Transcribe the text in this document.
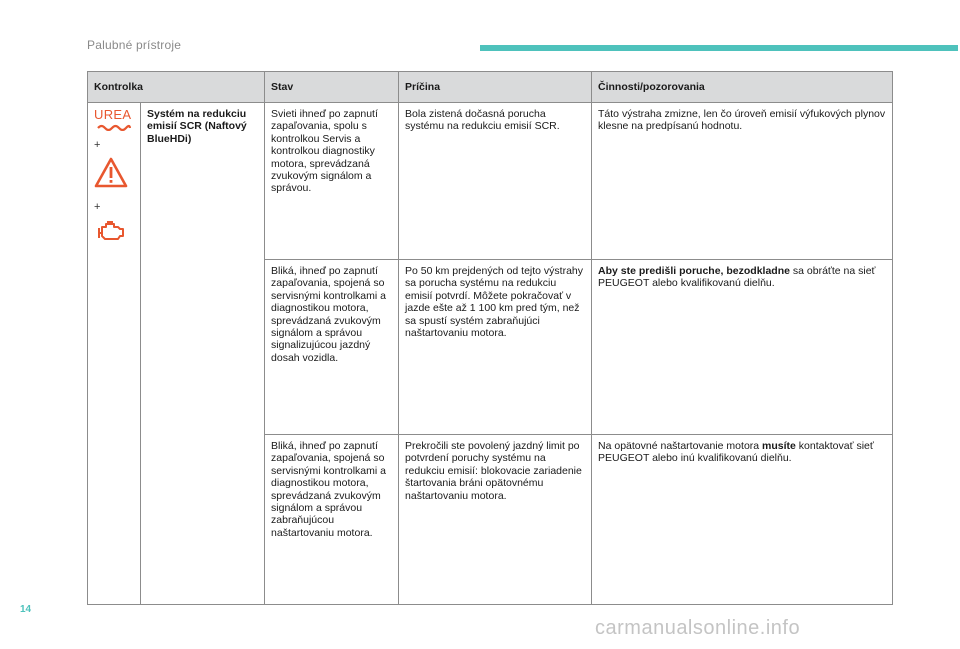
Palubné prístroje
Kontrolka		Stav	Príčina	Činnosti/pozorovania

UREA
+
+	Systém na redukciu emisií SCR (Naftový BlueHDi)	Svieti ihneď po zapnutí zapaľovania, spolu s kontrolkou Servis a kontrolkou diagnostiky motora, sprevádzaná zvukovým signálom a správou.	Bola zistená dočasná porucha systému na redukciu emisií SCR.	Táto výstraha zmizne, len čo úroveň emisií výfukových plynov klesne na predpísanú hodnotu.
		Bliká, ihneď po zapnutí zapaľovania, spojená so servisnými kontrolkami a diagnostikou motora, sprevádzaná zvukovým signálom a správou signalizujúcou jazdný dosah vozidla.	Po 50 km prejdených od tejto výstrahy sa porucha systému na redukciu emisií potvrdí. Môžete pokračovať v jazde ešte až 1 100 km pred tým, než sa spustí systém zabraňujúci naštartovaniu motora.	Aby ste predišli poruche, bezodkladne sa obráťte na sieť PEUGEOT alebo kvalifikovanú dielňu.
		Bliká, ihneď po zapnutí zapaľovania, spojená so servisnými kontrolkami a diagnostikou motora, sprevádzaná zvukovým signálom a správou zabraňujúcou naštartovaniu motora.	Prekročili ste povolený jazdný limit po potvrdení poruchy systému na redukciu emisií: blokovacie zariadenie štartovania bráni opätovnému naštartovaniu motora.	Na opätovné naštartovanie motora musíte kontaktovať sieť PEUGEOT alebo inú kvalifikovanú dielňu.
14
carmanualsonline.info
